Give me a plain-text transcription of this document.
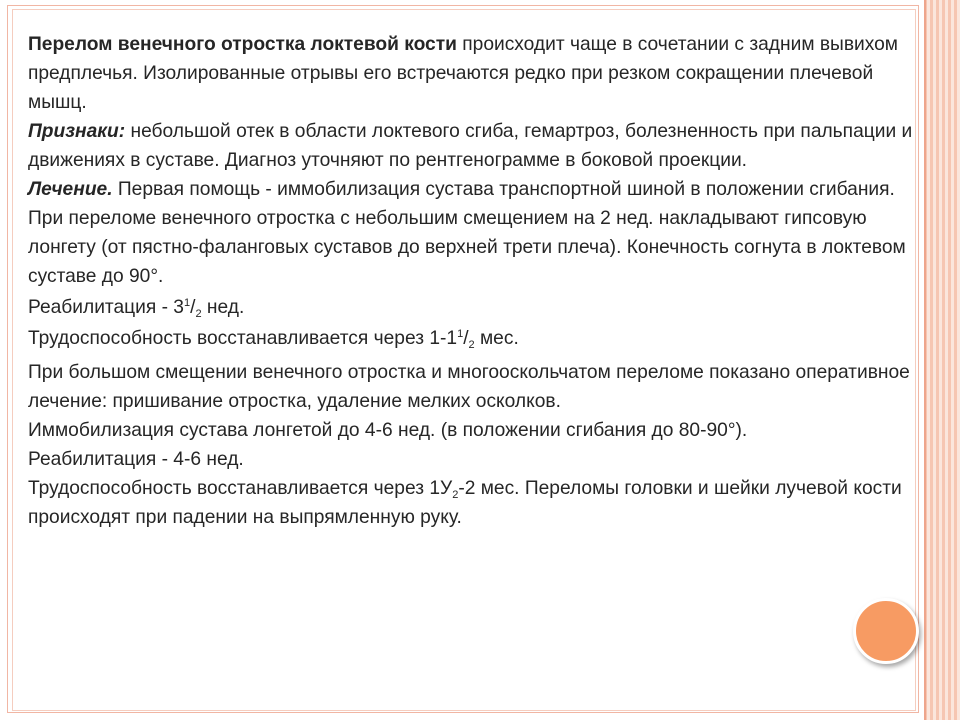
Перелом венечного отростка локтевой кости происходит чаще в сочетании с задним вывихом предплечья. Изолированные отрывы его встречаются редко при резком сокращении плечевой мышц.

Признаки: небольшой отек в области локтевого сгиба, гемартроз, болезненность при пальпации и движениях в суставе. Диагноз уточняют по рентгенограмме в боковой проекции.

Лечение. Первая помощь - иммобилизация сустава транспортной шиной в положении сгибания.

При переломе венечного отростка с небольшим смещением на 2 нед. накладывают гипсовую лонгету (от пястно-фаланговых суставов до верхней трети плеча). Конечность согнута в локтевом суставе до 90°.

Реабилитация - $3^1/_2$ нед.

Трудоспособность восстанавливается через $1-1^1/_2$ мес.

При большом смещении венечного отростка и многооскольчатом переломе показано оперативное лечение: пришивание отростка, удаление мелких осколков.

Иммобилизация сустава лонгетой до 4-6 нед. (в положении сгибания до 80-90°).

Реабилитация - 4-6 нед.

Трудоспособность восстанавливается через $1У_2-2$ мес. Переломы головки и шейки лучевой кости происходят при падении на выпрямленную руку.
